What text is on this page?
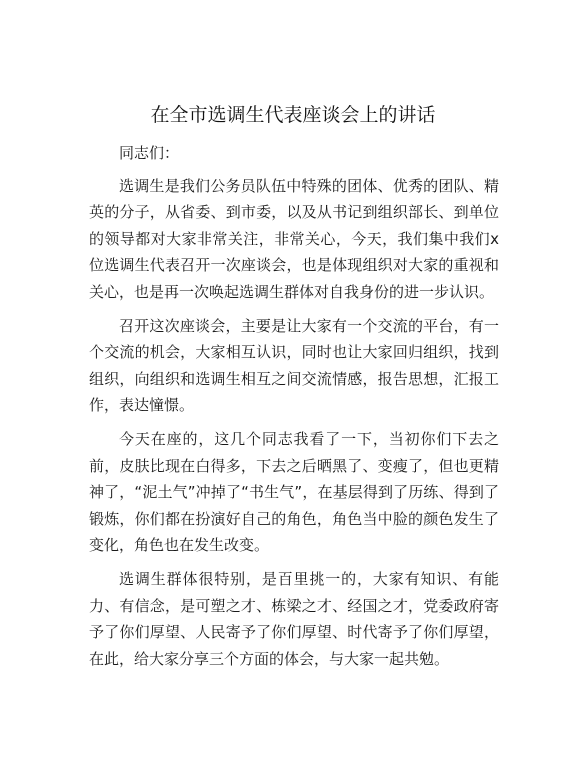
在全市选调生代表座谈会上的讲话

同志们：

选调生是我们公务员队伍中特殊的团体、优秀的团队、精英的分子，从省委、到市委，以及从书记到组织部长、到单位的领导都对大家非常关注，非常关心，今天，我们集中我们x位选调生代表召开一次座谈会，也是体现组织对大家的重视和关心，也是再一次唤起选调生群体对自我身份的进一步认识。

召开这次座谈会，主要是让大家有一个交流的平台，有一个交流的机会，大家相互认识，同时也让大家回归组织，找到组织，向组织和选调生相互之间交流情感，报告思想，汇报工作，表达憧憬。

今天在座的，这几个同志我看了一下，当初你们下去之前，皮肤比现在白得多，下去之后晒黑了、变瘦了，但也更精神了，“泥土气”冲掉了“书生气”，在基层得到了历练、得到了锻炼，你们都在扮演好自己的角色，角色当中脸的颜色发生了变化，角色也在发生改变。

选调生群体很特别，是百里挑一的，大家有知识、有能力、有信念，是可塑之才、栋梁之才、经国之才，党委政府寄予了你们厚望、人民寄予了你们厚望、时代寄予了你们厚望，在此，给大家分享三个方面的体会，与大家一起共勉。
